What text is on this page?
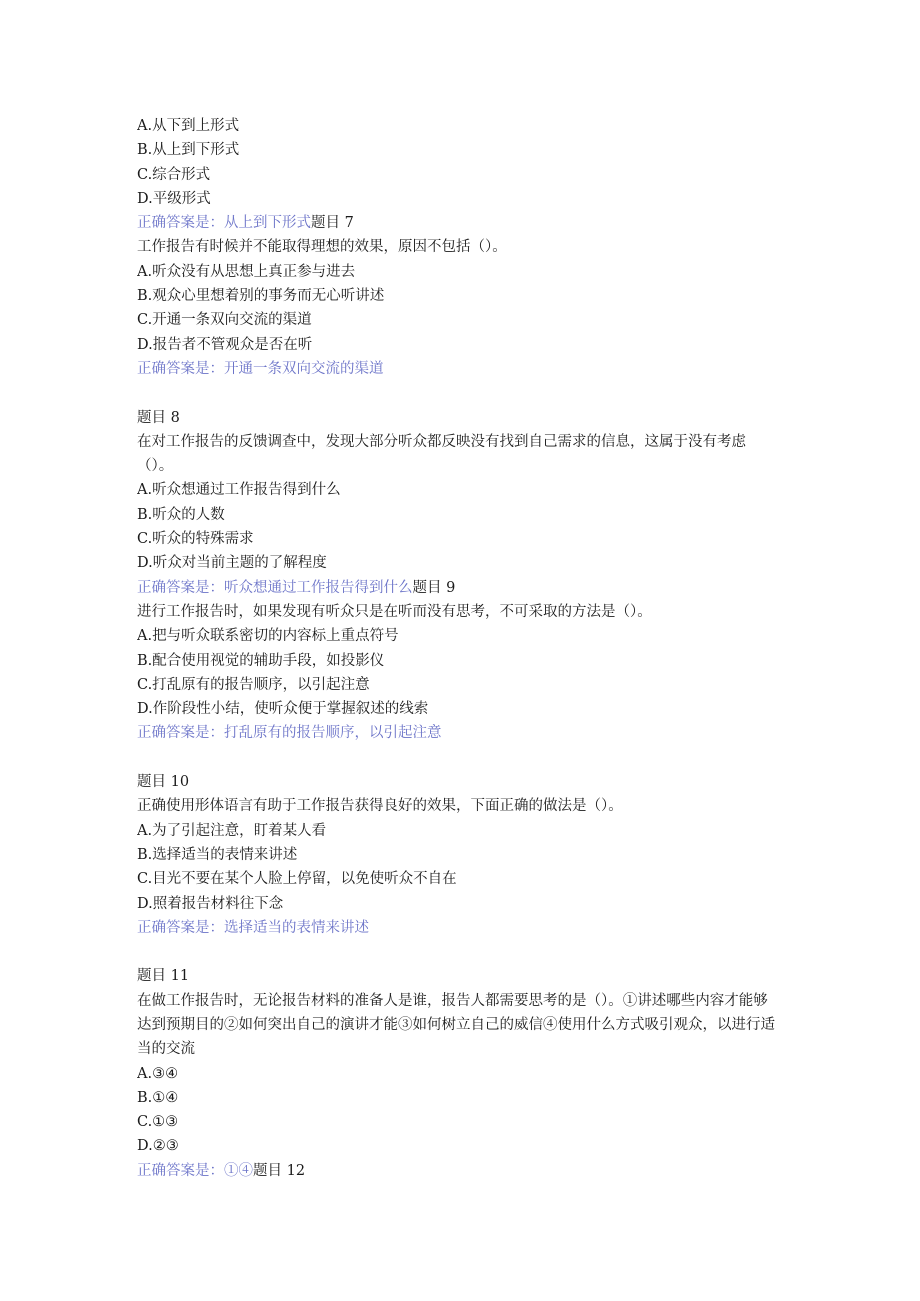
A.从下到上形式
B.从上到下形式
C.综合形式
D.平级形式
正确答案是：从上到下形式题目 7
工作报告有时候并不能取得理想的效果，原因不包括（）。
A.听众没有从思想上真正参与进去
B.观众心里想着别的事务而无心听讲述
C.开通一条双向交流的渠道
D.报告者不管观众是否在听
正确答案是：开通一条双向交流的渠道
题目 8
在对工作报告的反馈调查中，发现大部分听众都反映没有找到自己需求的信息，这属于没有考虑（）。
A.听众想通过工作报告得到什么
B.听众的人数
C.听众的特殊需求
D.听众对当前主题的了解程度
正确答案是：听众想通过工作报告得到什么题目 9
进行工作报告时，如果发现有听众只是在听而没有思考，不可采取的方法是（）。
A.把与听众联系密切的内容标上重点符号
B.配合使用视觉的辅助手段，如投影仪
C.打乱原有的报告顺序，以引起注意
D.作阶段性小结，使听众便于掌握叙述的线索
正确答案是：打乱原有的报告顺序，以引起注意
题目 10
正确使用形体语言有助于工作报告获得良好的效果，下面正确的做法是（）。
A.为了引起注意，盯着某人看
B.选择适当的表情来讲述
C.目光不要在某个人脸上停留，以免使听众不自在
D.照着报告材料往下念
正确答案是：选择适当的表情来讲述
题目 11
在做工作报告时，无论报告材料的准备人是谁，报告人都需要思考的是（）。①讲述哪些内容才能够达到预期目的②如何突出自己的演讲才能③如何树立自己的威信④使用什么方式吸引观众，以进行适当的交流
A.③④
B.①④
C.①③
D.②③
正确答案是：①④题目 12
